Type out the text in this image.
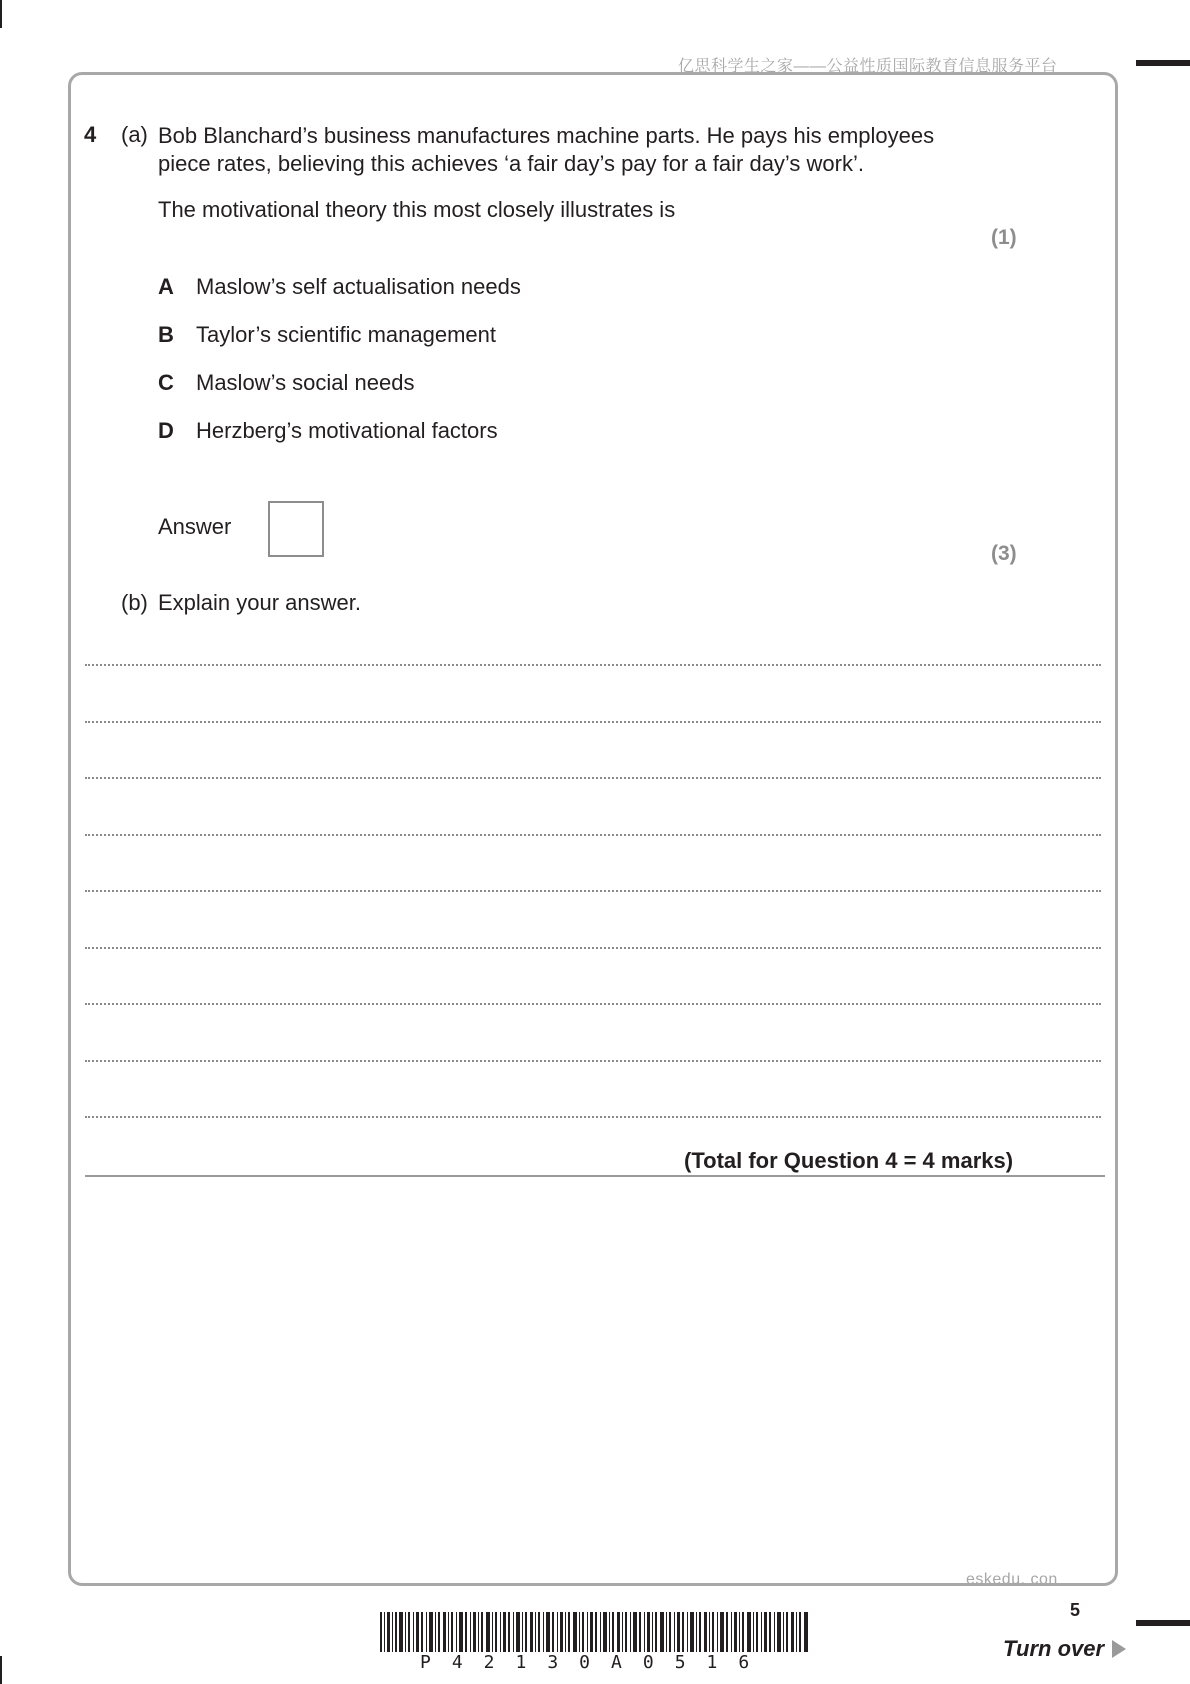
亿思科学生之家——公益性质国际教育信息服务平台
4 (a) Bob Blanchard’s business manufactures machine parts. He pays his employees
piece rates, believing this achieves ‘a fair day’s pay for a fair day’s work’.
The motivational theory this most closely illustrates is
(1)
A	Maslow’s self actualisation needs
B	Taylor’s scientific management
C	Maslow’s social needs
D	Herzberg’s motivational factors
Answer
(3)
(b) Explain your answer.
(Total for Question 4 = 4 marks)
eskedu. con
5
Turn over
P42130A0516
